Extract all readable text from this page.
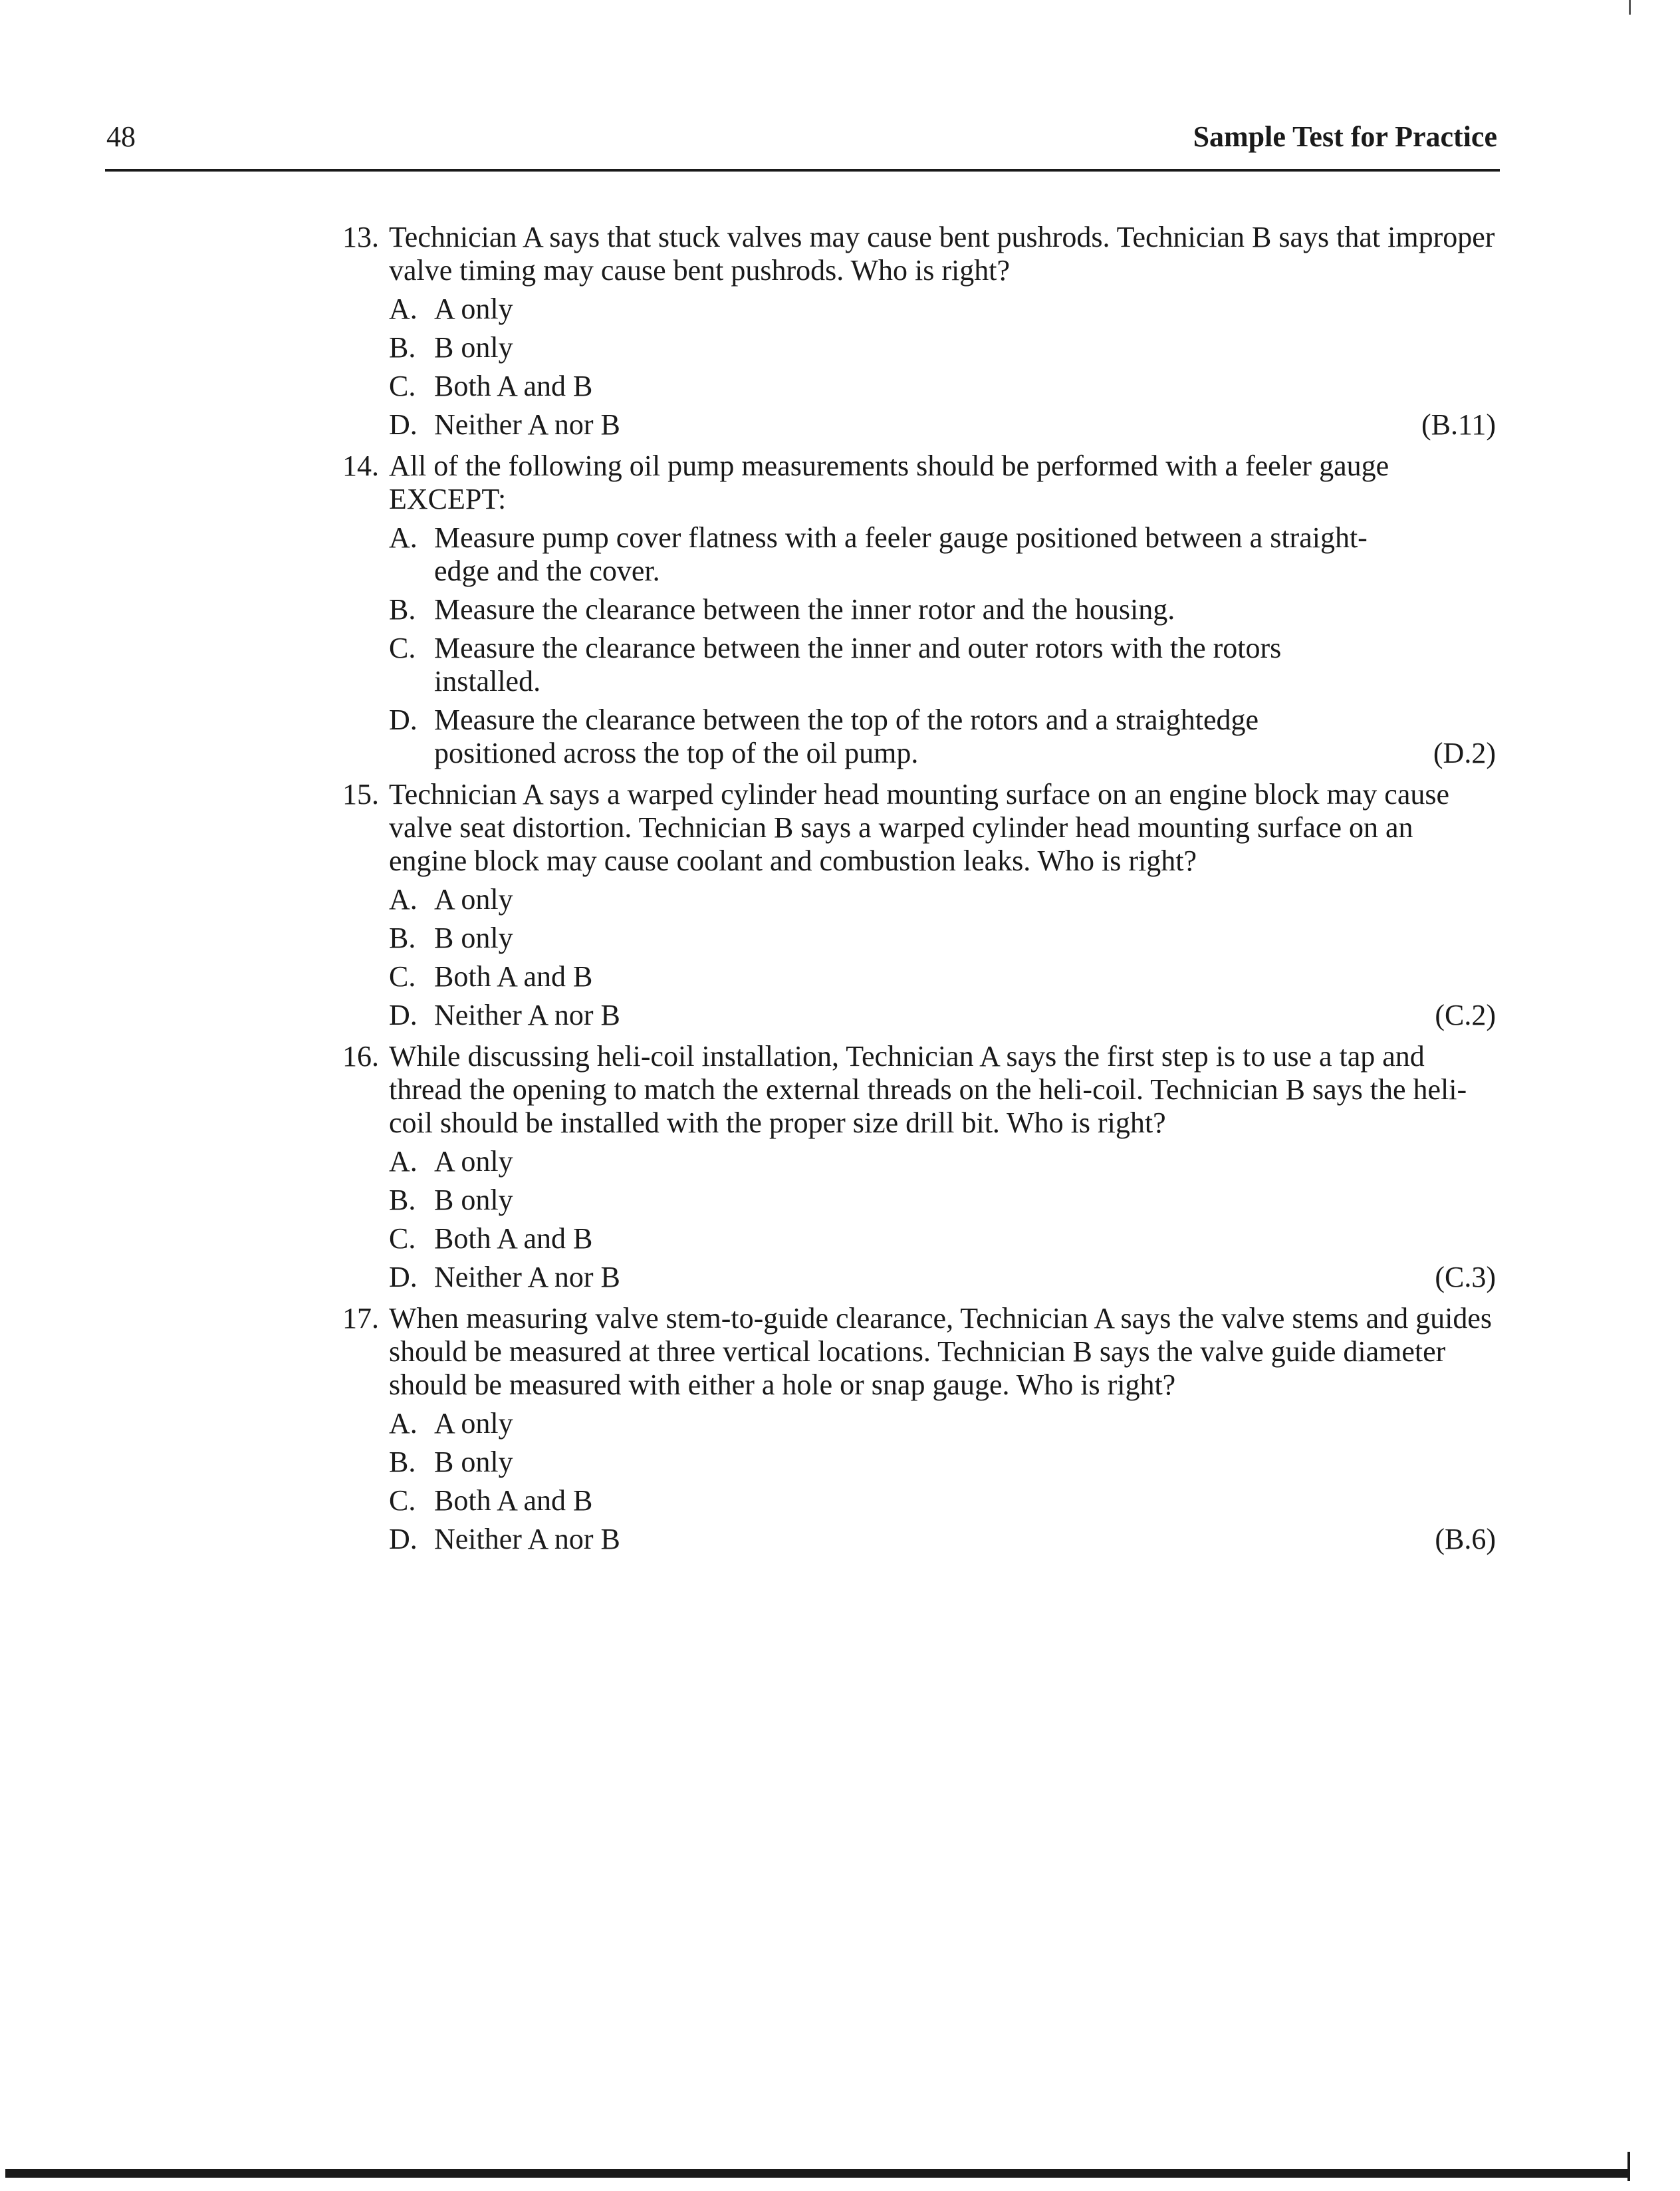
48	Sample Test for Practice
13. Technician A says that stuck valves may cause bent pushrods. Technician B says that improper valve timing may cause bent pushrods. Who is right?
A. A only
B. B only
C. Both A and B
D. Neither A nor B	(B.11)
14. All of the following oil pump measurements should be performed with a feeler gauge EXCEPT:
A. Measure pump cover flatness with a feeler gauge positioned between a straight-edge and the cover.
B. Measure the clearance between the inner rotor and the housing.
C. Measure the clearance between the inner and outer rotors with the rotors installed.
D. Measure the clearance between the top of the rotors and a straightedge positioned across the top of the oil pump.	(D.2)
15. Technician A says a warped cylinder head mounting surface on an engine block may cause valve seat distortion. Technician B says a warped cylinder head mounting surface on an engine block may cause coolant and combustion leaks. Who is right?
A. A only
B. B only
C. Both A and B
D. Neither A nor B	(C.2)
16. While discussing heli-coil installation, Technician A says the first step is to use a tap and thread the opening to match the external threads on the heli-coil. Technician B says the heli-coil should be installed with the proper size drill bit. Who is right?
A. A only
B. B only
C. Both A and B
D. Neither A nor B	(C.3)
17. When measuring valve stem-to-guide clearance, Technician A says the valve stems and guides should be measured at three vertical locations. Technician B says the valve guide diameter should be measured with either a hole or snap gauge. Who is right?
A. A only
B. B only
C. Both A and B
D. Neither A nor B	(B.6)
